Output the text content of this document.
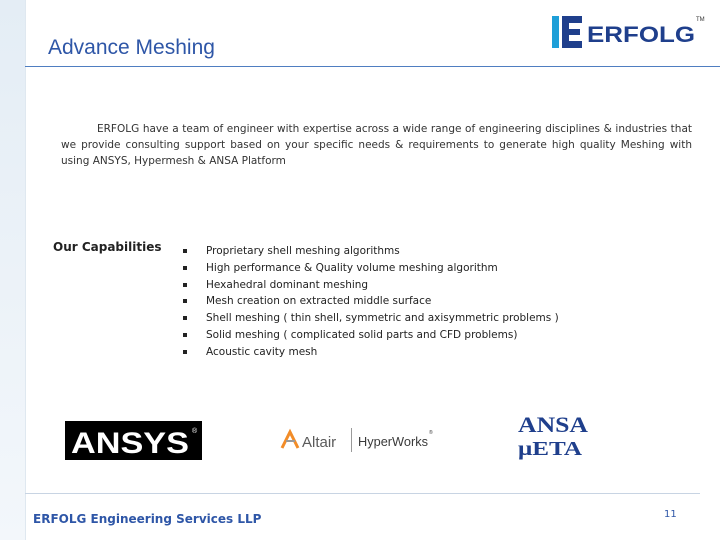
Advance Meshing
ERFOLG
TM
ERFOLG have a team of engineer with expertise across a wide range of engineering disciplines & industries that we provide consulting support based on your specific needs & requirements to generate high quality Meshing with using ANSYS, Hypermesh & ANSA Platform
Our Capabilities	Proprietary shell meshing algorithms
High performance & Quality volume meshing algorithm
Hexahedral dominant meshing
Mesh creation on extracted middle surface
Shell meshing ( thin shell, symmetric and axisymmetric problems )
Solid meshing ( complicated solid parts and CFD problems)
Acoustic cavity mesh
ANSYS ®
Altair HyperWorks
®	ANSA
μETA
ERFOLG Engineering Services LLP	11
